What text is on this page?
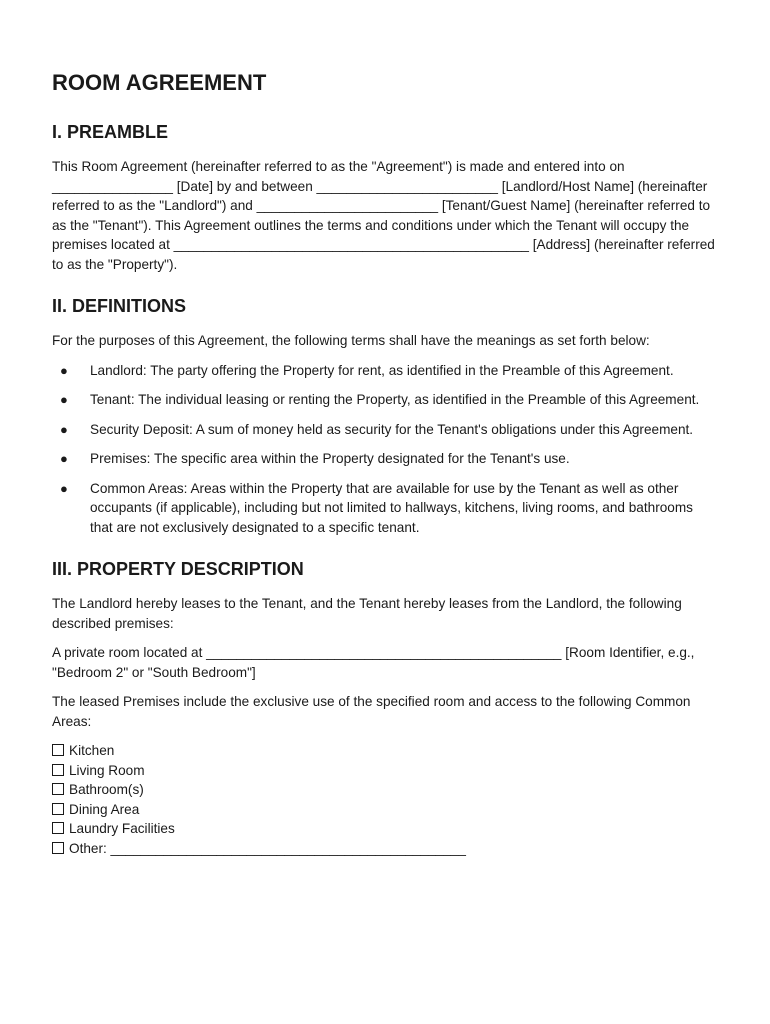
ROOM AGREEMENT
I. PREAMBLE

This Room Agreement (hereinafter referred to as the "Agreement") is made and entered into on ________________ [Date] by and between ________________________ [Landlord/Host Name] (hereinafter referred to as the "Landlord") and ________________________ [Tenant/Guest Name] (hereinafter referred to as the "Tenant"). This Agreement outlines the terms and conditions under which the Tenant will occupy the premises located at _______________________________________________ [Address] (hereinafter referred to as the "Property").

II. DEFINITIONS

For the purposes of this Agreement, the following terms shall have the meanings as set forth below:

● Landlord: The party offering the Property for rent, as identified in the Preamble of this Agreement.
● Tenant: The individual leasing or renting the Property, as identified in the Preamble of this Agreement.
● Security Deposit: A sum of money held as security for the Tenant's obligations under this Agreement.
● Premises: The specific area within the Property designated for the Tenant's use.
● Common Areas: Areas within the Property that are available for use by the Tenant as well as other occupants (if applicable), including but not limited to hallways, kitchens, living rooms, and bathrooms that are not exclusively designated to a specific tenant.
III. PROPERTY DESCRIPTION

The Landlord hereby leases to the Tenant, and the Tenant hereby leases from the Landlord, the following described premises:

A private room located at _______________________________________________ [Room Identifier, e.g., "Bedroom 2" or "South Bedroom"]

The leased Premises include the exclusive use of the specified room and access to the following Common Areas:

Kitchen
Living Room
Bathroom(s)
Dining Area
Laundry Facilities
Other: _______________________________________________
